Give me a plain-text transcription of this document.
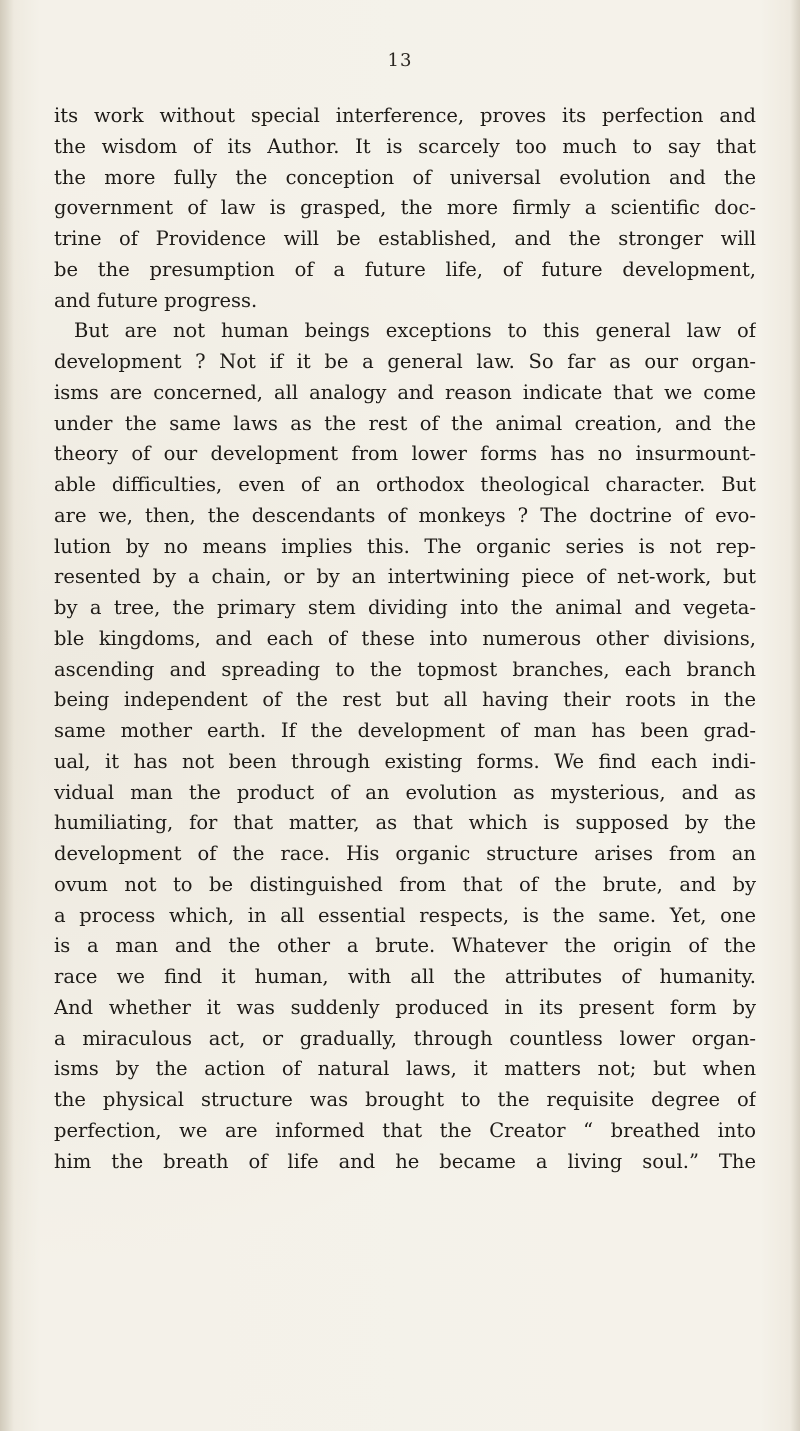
13
its work without special interference, proves its perfection and
the wisdom of its Author. It is scarcely too much to say that
the more fully the conception of universal evolution and the
government of law is grasped, the more firmly a scientific doc-
trine of Providence will be established, and the stronger will
be the presumption of a future life, of future development,
and future progress.
But are not human beings exceptions to this general law of
development ? Not if it be a general law. So far as our organ-
isms are concerned, all analogy and reason indicate that we come
under the same laws as the rest of the animal creation, and the
theory of our development from lower forms has no insurmount-
able difficulties, even of an orthodox theological character. But
are we, then, the descendants of monkeys ? The doctrine of evo-
lution by no means implies this. The organic series is not rep-
resented by a chain, or by an intertwining piece of net-work, but
by a tree, the primary stem dividing into the animal and vegeta-
ble kingdoms, and each of these into numerous other divisions,
ascending and spreading to the topmost branches, each branch
being independent of the rest but all having their roots in the
same mother earth. If the development of man has been grad-
ual, it has not been through existing forms. We find each indi-
vidual man the product of an evolution as mysterious, and as
humiliating, for that matter, as that which is supposed by the
development of the race. His organic structure arises from an
ovum not to be distinguished from that of the brute, and by
a process which, in all essential respects, is the same. Yet, one
is a man and the other a brute. Whatever the origin of the
race we find it human, with all the attributes of humanity.
And whether it was suddenly produced in its present form by
a miraculous act, or gradually, through countless lower organ-
isms by the action of natural laws, it matters not; but when
the physical structure was brought to the requisite degree of
perfection, we are informed that the Creator “ breathed into
him the breath of life and he became a living soul.” The
